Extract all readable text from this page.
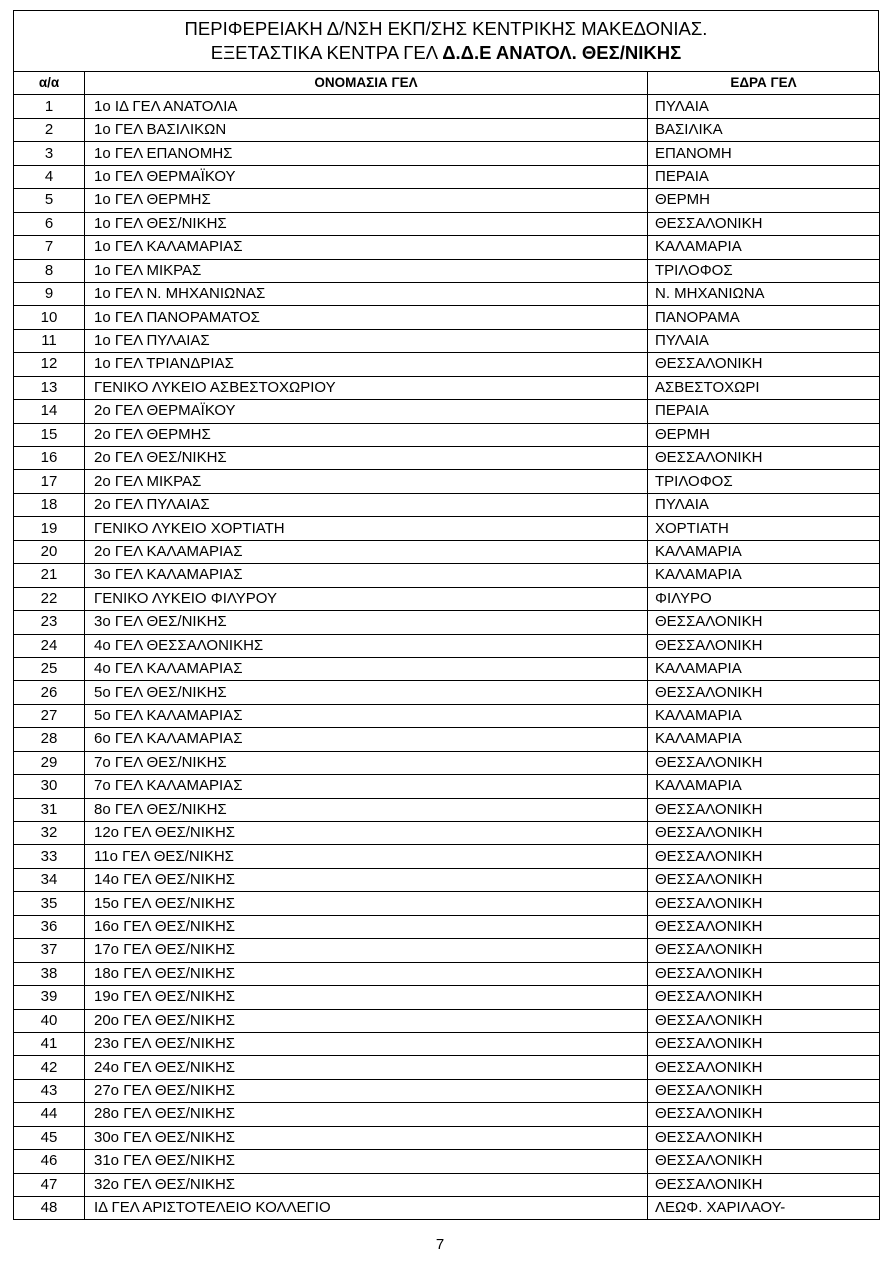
ΠΕΡΙΦΕΡΕΙΑΚΗ Δ/ΝΣΗ ΕΚΠ/ΣΗΣ ΚΕΝΤΡΙΚΗΣ ΜΑΚΕΔΟΝΙΑΣ.
ΕΞΕΤΑΣΤΙΚΑ ΚΕΝΤΡΑ ΓΕΛ Δ.Δ.Ε ΑΝΑΤΟΛ. ΘΕΣ/ΝΙΚΗΣ
α/α	ΟΝΟΜΑΣΙΑ ΓΕΛ	ΕΔΡΑ ΓΕΛ
1	1ο ΙΔ ΓΕΛ ΑΝΑΤΟΛΙΑ	ΠΥΛΑΙΑ
2	1ο ΓΕΛ ΒΑΣΙΛΙΚΩΝ	ΒΑΣΙΛΙΚΑ
3	1ο ΓΕΛ ΕΠΑΝΟΜΗΣ	ΕΠΑΝΟΜΗ
4	1ο ΓΕΛ ΘΕΡΜΑΪΚΟΥ	ΠΕΡΑΙΑ
5	1ο ΓΕΛ ΘΕΡΜΗΣ	ΘΕΡΜΗ
6	1ο ΓΕΛ ΘΕΣ/ΝΙΚΗΣ	ΘΕΣΣΑΛΟΝΙΚΗ
7	1ο ΓΕΛ ΚΑΛΑΜΑΡΙΑΣ	ΚΑΛΑΜΑΡΙΑ
8	1ο ΓΕΛ ΜΙΚΡΑΣ	ΤΡΙΛΟΦΟΣ
9	1ο ΓΕΛ Ν. ΜΗΧΑΝΙΩΝΑΣ	Ν. ΜΗΧΑΝΙΩΝΑ
10	1ο ΓΕΛ ΠΑΝΟΡΑΜΑΤΟΣ	ΠΑΝΟΡΑΜΑ
11	1ο ΓΕΛ ΠΥΛΑΙΑΣ	ΠΥΛΑΙΑ
12	1ο ΓΕΛ ΤΡΙΑΝΔΡΙΑΣ	ΘΕΣΣΑΛΟΝΙΚΗ
13	ΓΕΝΙΚΟ ΛΥΚΕΙΟ ΑΣΒΕΣΤΟΧΩΡΙΟΥ	ΑΣΒΕΣΤΟΧΩΡΙ
14	2ο ΓΕΛ ΘΕΡΜΑΪΚΟΥ	ΠΕΡΑΙΑ
15	2ο ΓΕΛ ΘΕΡΜΗΣ	ΘΕΡΜΗ
16	2ο ΓΕΛ ΘΕΣ/ΝΙΚΗΣ	ΘΕΣΣΑΛΟΝΙΚΗ
17	2ο ΓΕΛ ΜΙΚΡΑΣ	ΤΡΙΛΟΦΟΣ
18	2ο ΓΕΛ ΠΥΛΑΙΑΣ	ΠΥΛΑΙΑ
19	ΓΕΝΙΚΟ ΛΥΚΕΙΟ ΧΟΡΤΙΑΤΗ	ΧΟΡΤΙΑΤΗ
20	2ο ΓΕΛ ΚΑΛΑΜΑΡΙΑΣ	ΚΑΛΑΜΑΡΙΑ
21	3ο ΓΕΛ ΚΑΛΑΜΑΡΙΑΣ	ΚΑΛΑΜΑΡΙΑ
22	ΓΕΝΙΚΟ ΛΥΚΕΙΟ ΦΙΛΥΡΟΥ	ΦΙΛΥΡΟ
23	3ο ΓΕΛ ΘΕΣ/ΝΙΚΗΣ	ΘΕΣΣΑΛΟΝΙΚΗ
24	4ο ΓΕΛ ΘΕΣΣΑΛΟΝΙΚΗΣ	ΘΕΣΣΑΛΟΝΙΚΗ
25	4ο ΓΕΛ ΚΑΛΑΜΑΡΙΑΣ	ΚΑΛΑΜΑΡΙΑ
26	5ο ΓΕΛ ΘΕΣ/ΝΙΚΗΣ	ΘΕΣΣΑΛΟΝΙΚΗ
27	5ο ΓΕΛ ΚΑΛΑΜΑΡΙΑΣ	ΚΑΛΑΜΑΡΙΑ
28	6ο ΓΕΛ ΚΑΛΑΜΑΡΙΑΣ	ΚΑΛΑΜΑΡΙΑ
29	7ο ΓΕΛ ΘΕΣ/ΝΙΚΗΣ	ΘΕΣΣΑΛΟΝΙΚΗ
30	7ο ΓΕΛ ΚΑΛΑΜΑΡΙΑΣ	ΚΑΛΑΜΑΡΙΑ
31	8ο ΓΕΛ ΘΕΣ/ΝΙΚΗΣ	ΘΕΣΣΑΛΟΝΙΚΗ
32	12ο ΓΕΛ ΘΕΣ/ΝΙΚΗΣ	ΘΕΣΣΑΛΟΝΙΚΗ
33	11ο ΓΕΛ ΘΕΣ/ΝΙΚΗΣ	ΘΕΣΣΑΛΟΝΙΚΗ
34	14ο ΓΕΛ ΘΕΣ/ΝΙΚΗΣ	ΘΕΣΣΑΛΟΝΙΚΗ
35	15ο ΓΕΛ ΘΕΣ/ΝΙΚΗΣ	ΘΕΣΣΑΛΟΝΙΚΗ
36	16ο ΓΕΛ ΘΕΣ/ΝΙΚΗΣ	ΘΕΣΣΑΛΟΝΙΚΗ
37	17ο ΓΕΛ ΘΕΣ/ΝΙΚΗΣ	ΘΕΣΣΑΛΟΝΙΚΗ
38	18ο ΓΕΛ ΘΕΣ/ΝΙΚΗΣ	ΘΕΣΣΑΛΟΝΙΚΗ
39	19ο ΓΕΛ ΘΕΣ/ΝΙΚΗΣ	ΘΕΣΣΑΛΟΝΙΚΗ
40	20ο ΓΕΛ ΘΕΣ/ΝΙΚΗΣ	ΘΕΣΣΑΛΟΝΙΚΗ
41	23ο ΓΕΛ ΘΕΣ/ΝΙΚΗΣ	ΘΕΣΣΑΛΟΝΙΚΗ
42	24ο ΓΕΛ ΘΕΣ/ΝΙΚΗΣ	ΘΕΣΣΑΛΟΝΙΚΗ
43	27ο ΓΕΛ ΘΕΣ/ΝΙΚΗΣ	ΘΕΣΣΑΛΟΝΙΚΗ
44	28ο ΓΕΛ ΘΕΣ/ΝΙΚΗΣ	ΘΕΣΣΑΛΟΝΙΚΗ
45	30ο ΓΕΛ ΘΕΣ/ΝΙΚΗΣ	ΘΕΣΣΑΛΟΝΙΚΗ
46	31ο ΓΕΛ ΘΕΣ/ΝΙΚΗΣ	ΘΕΣΣΑΛΟΝΙΚΗ
47	32ο ΓΕΛ ΘΕΣ/ΝΙΚΗΣ	ΘΕΣΣΑΛΟΝΙΚΗ
48	ΙΔ ΓΕΛ ΑΡΙΣΤΟΤΕΛΕΙΟ ΚΟΛΛΕΓΙΟ	ΛΕΩΦ. ΧΑΡΙΛΑΟΥ-
7
